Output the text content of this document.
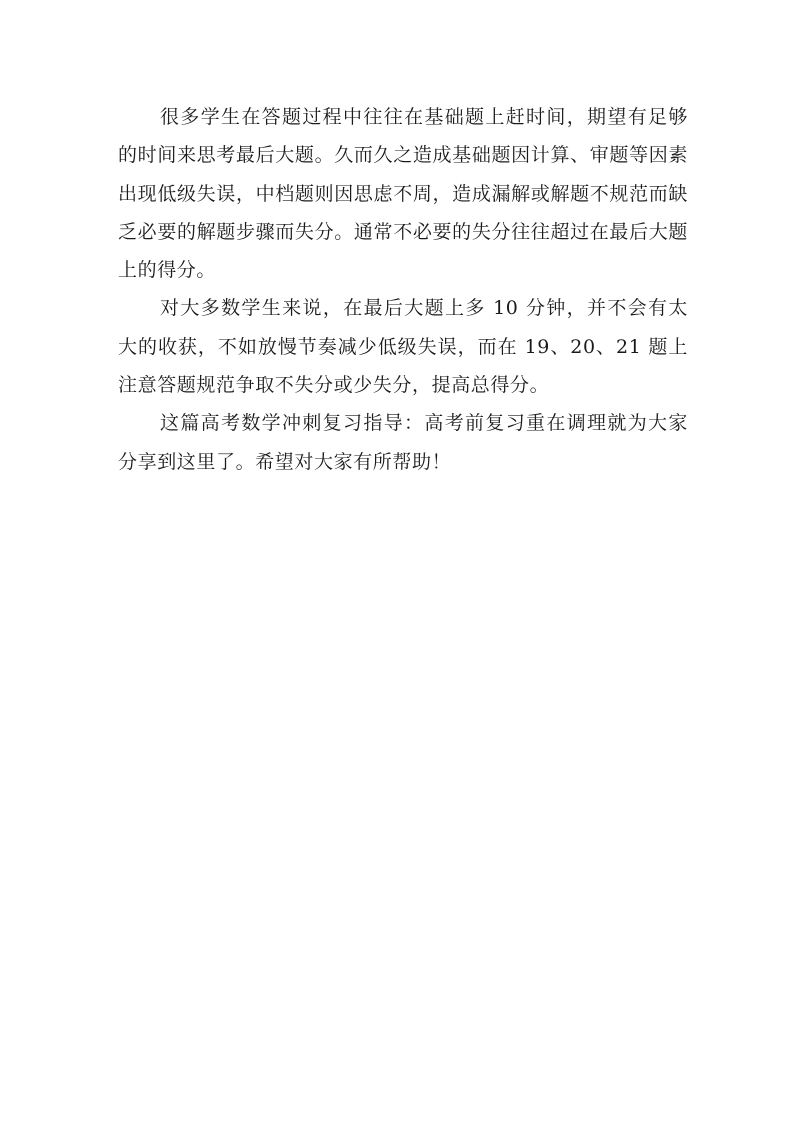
很多学生在答题过程中往往在基础题上赶时间，期望有足够的时间来思考最后大题。久而久之造成基础题因计算、审题等因素出现低级失误，中档题则因思虑不周，造成漏解或解题不规范而缺乏必要的解题步骤而失分。通常不必要的失分往往超过在最后大题上的得分。

对大多数学生来说，在最后大题上多 10 分钟，并不会有太大的收获，不如放慢节奏减少低级失误，而在 19、20、21 题上注意答题规范争取不失分或少失分，提高总得分。

这篇高考数学冲刺复习指导：高考前复习重在调理就为大家分享到这里了。希望对大家有所帮助！
